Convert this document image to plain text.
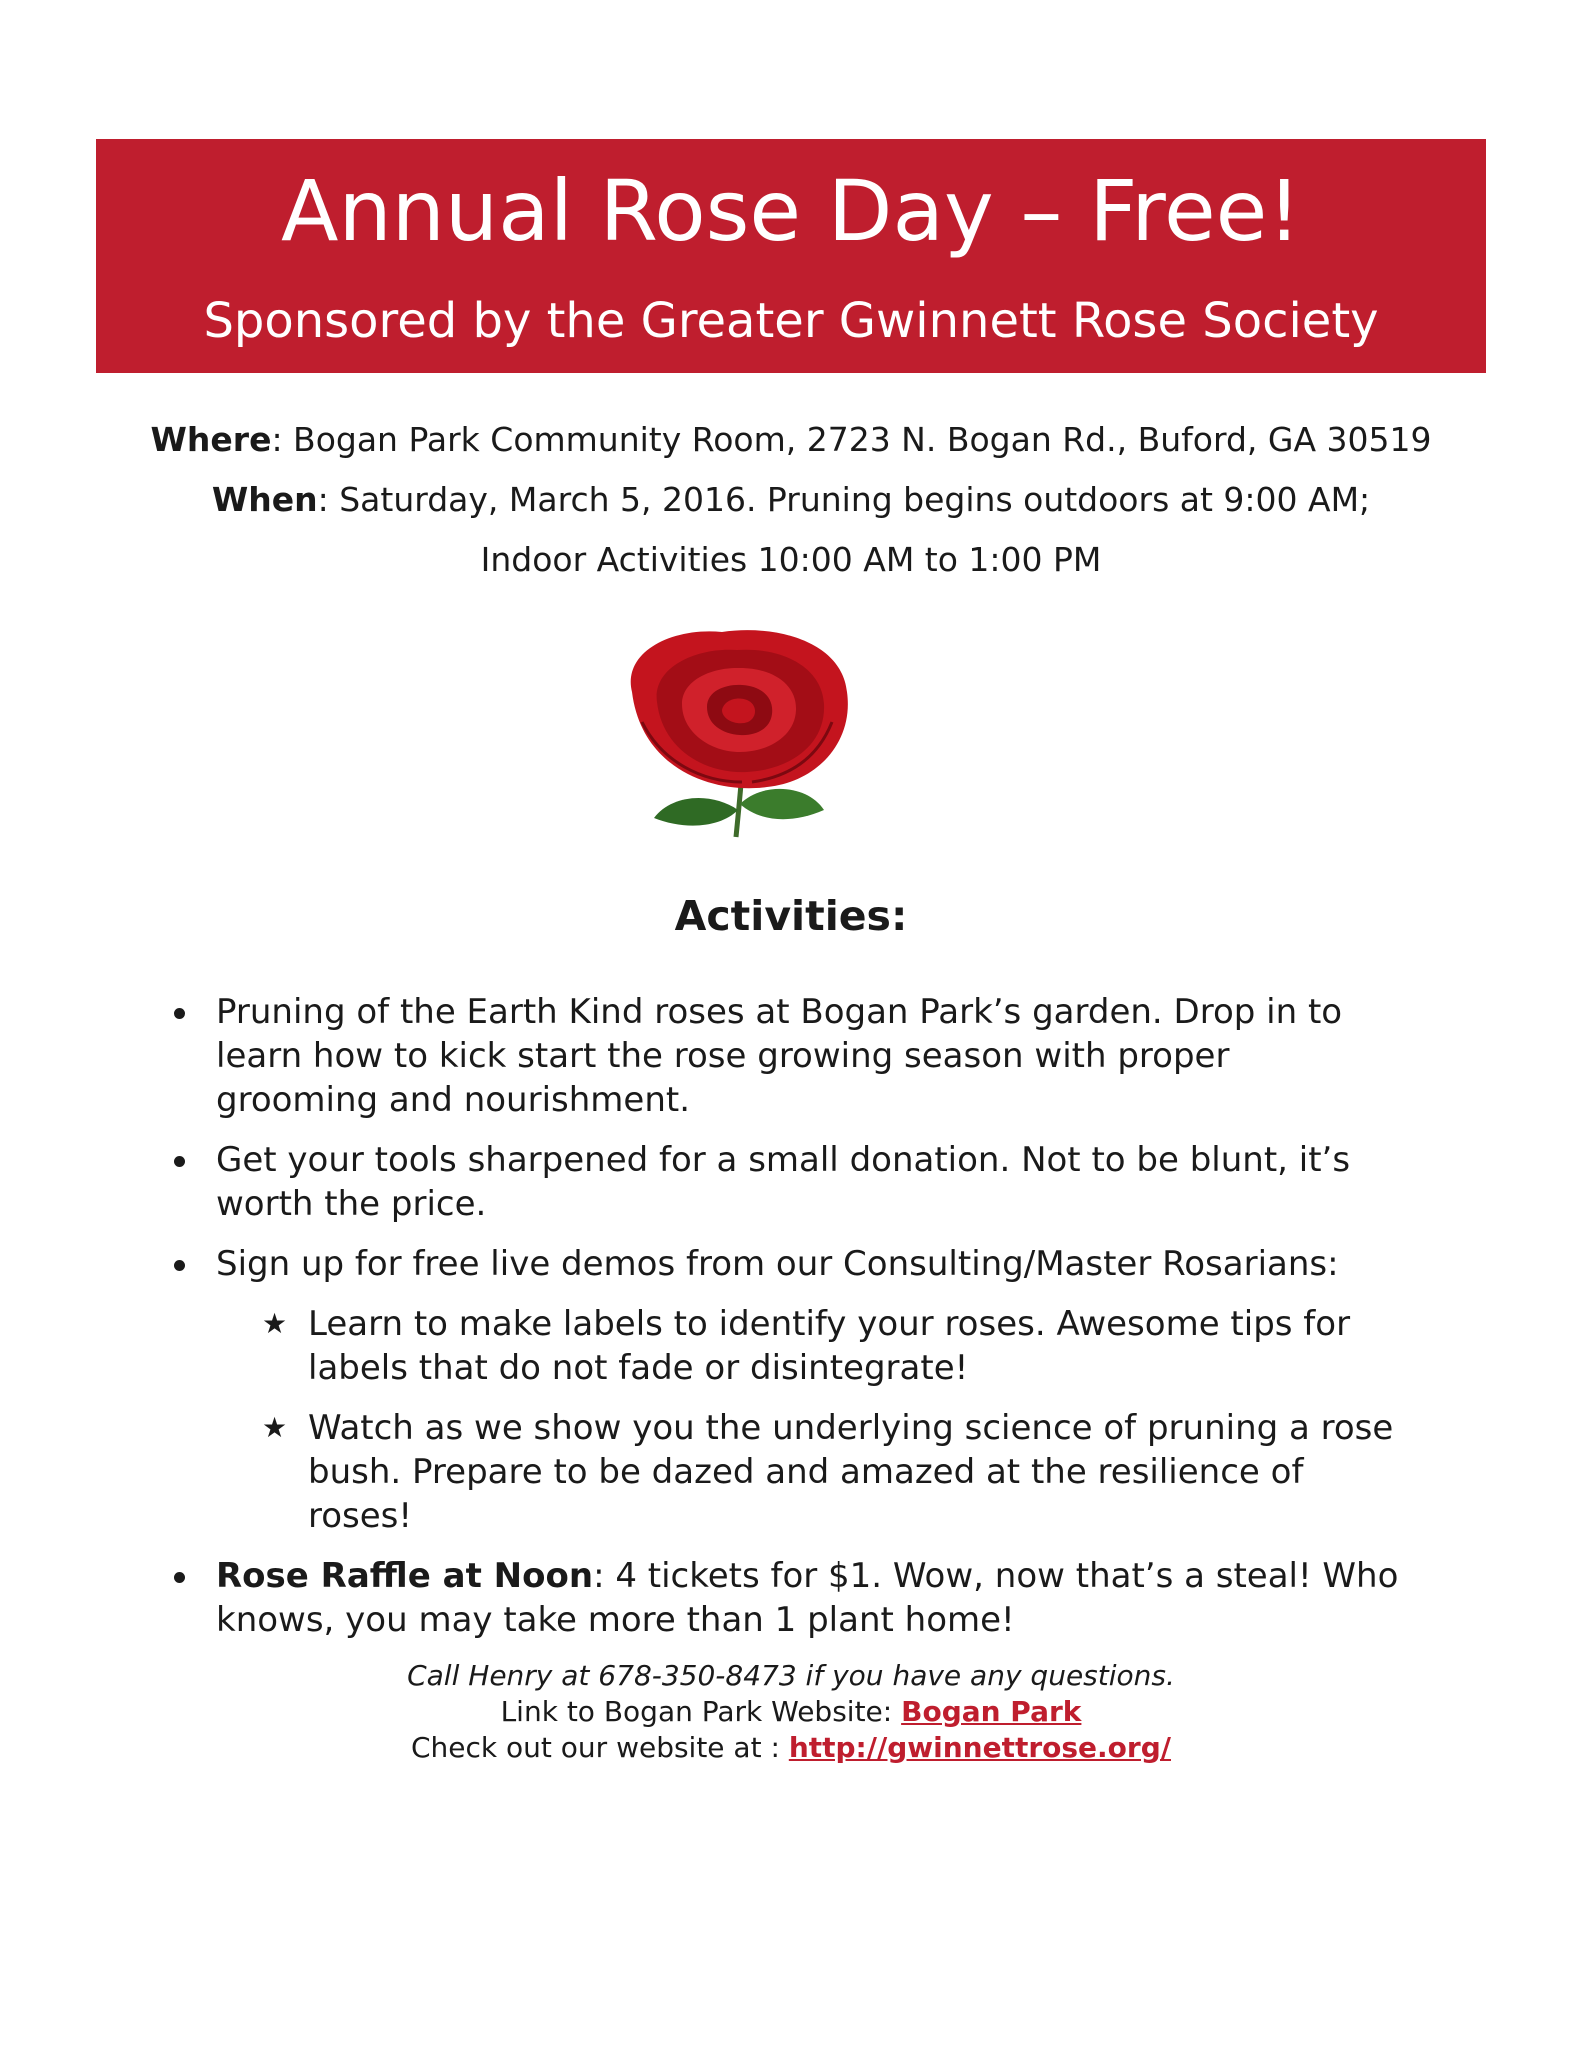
Annual Rose Day – Free!
Sponsored by the Greater Gwinnett Rose Society
Where: Bogan Park Community Room, 2723 N. Bogan Rd., Buford, GA 30519
When: Saturday, March 5, 2016. Pruning begins outdoors at 9:00 AM;
Indoor Activities 10:00 AM to 1:00 PM
Activities:
Pruning of the Earth Kind roses at Bogan Park’s garden. Drop in to learn how to kick start the rose growing season with proper grooming and nourishment.
Get your tools sharpened for a small donation. Not to be blunt, it’s worth the price.
Sign up for free live demos from our Consulting/Master Rosarians:
★ Learn to make labels to identify your roses. Awesome tips for labels that do not fade or disintegrate!
★ Watch as we show you the underlying science of pruning a rose bush. Prepare to be dazed and amazed at the resilience of roses!
Rose Raffle at Noon: 4 tickets for $1. Wow, now that’s a steal! Who knows, you may take more than 1 plant home!
Call Henry at 678-350-8473 if you have any questions.
Link to Bogan Park Website: Bogan Park
Check out our website at : http://gwinnettrose.org/
